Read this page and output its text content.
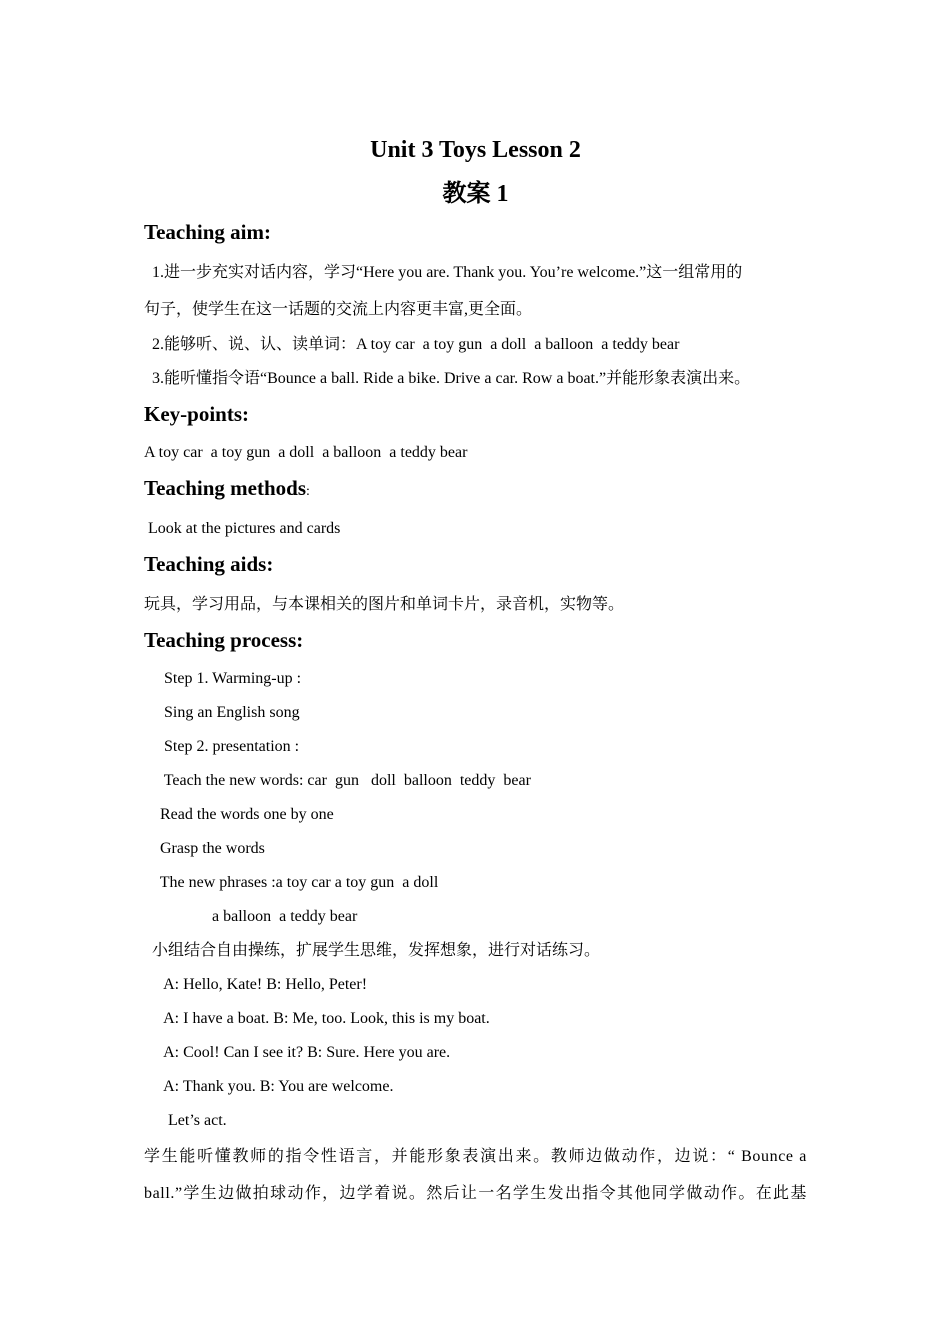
Unit 3 Toys Lesson 2
教案 1
Teaching aim:
1.进一步充实对话内容，学习“Here you are. Thank you. You’re welcome.”这一组常用的
句子，使学生在这一话题的交流上内容更丰富,更全面。
2.能够听、说、认、读单词：A toy car  a toy gun  a doll  a balloon  a teddy bear
3.能听懂指令语“Bounce a ball. Ride a bike. Drive a car. Row a boat.”并能形象表演出来。
Key-points:
A toy car  a toy gun  a doll  a balloon  a teddy bear
Teaching methods:
Look at the pictures and cards
Teaching aids:
玩具，学习用品，与本课相关的图片和单词卡片，录音机，实物等。
Teaching process:
Step 1. Warming-up :
Sing an English song
Step 2. presentation :
Teach the new words: car  gun   doll  balloon  teddy  bear
Read the words one by one
Grasp the words
The new phrases :a toy car a toy gun  a doll
a balloon  a teddy bear
小组结合自由操练，扩展学生思维，发挥想象，进行对话练习。
A: Hello, Kate! B: Hello, Peter!
A: I have a boat. B: Me, too. Look, this is my boat.
A: Cool! Can I see it? B: Sure. Here you are.
A: Thank you. B: You are welcome.
Let’s act.
学生能听懂教师的指令性语言，并能形象表演出来。教师边做动作，边说：“ Bounce a
ball.”学生边做拍球动作，边学着说。然后让一名学生发出指令其他同学做动作。在此基
